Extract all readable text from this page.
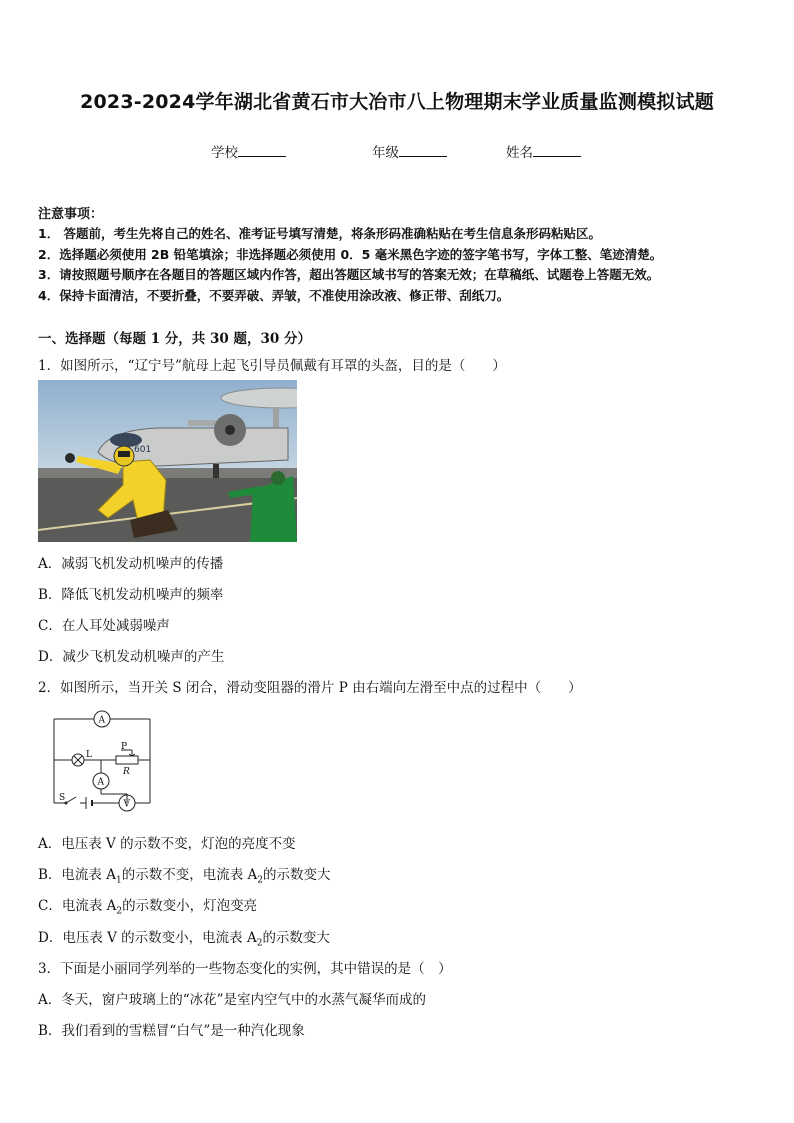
2023-2024学年湖北省黄石市大冶市八上物理期末学业质量监测模拟试题
学校	年级	姓名
注意事项：
1． 答题前，考生先将自己的姓名、准考证号填写清楚，将条形码准确粘贴在考生信息条形码粘贴区。
2．选择题必须使用 2B 铅笔填涂；非选择题必须使用 0．5 毫米黑色字迹的签字笔书写，字体工整、笔迹清楚。
3．请按照题号顺序在各题目的答题区域内作答，超出答题区域书写的答案无效；在草稿纸、试题卷上答题无效。
4．保持卡面清洁，不要折叠，不要弄破、弄皱，不准使用涂改液、修正带、刮纸刀。
一、选择题（每题 1 分，共 30 题，30 分）
1．如图所示，“辽宁号”航母上起飞引导员佩戴有耳罩的头盔，目的是（　　）
601
A．减弱飞机发动机噪声的传播
B．降低飞机发动机噪声的频率
C．在人耳处减弱噪声
D．减少飞机发动机噪声的产生
2．如图所示，当开关 S 闭合，滑动变阻器的滑片 P 由右端向左滑至中点的过程中（　　）
A
L
P
R
A
S
V
A．电压表 V 的示数不变，灯泡的亮度不变
B．电流表 $A_1$的示数不变，电流表 $A_2$的示数变大
C．电流表 $A_2$的示数变小，灯泡变亮
D．电压表 V 的示数变小，电流表 $A_2$的示数变大
3．下面是小丽同学列举的一些物态变化的实例，其中错误的是（　）
A．冬天，窗户玻璃上的“冰花”是室内空气中的水蒸气凝华而成的
B．我们看到的雪糕冒“白气”是一种汽化现象
